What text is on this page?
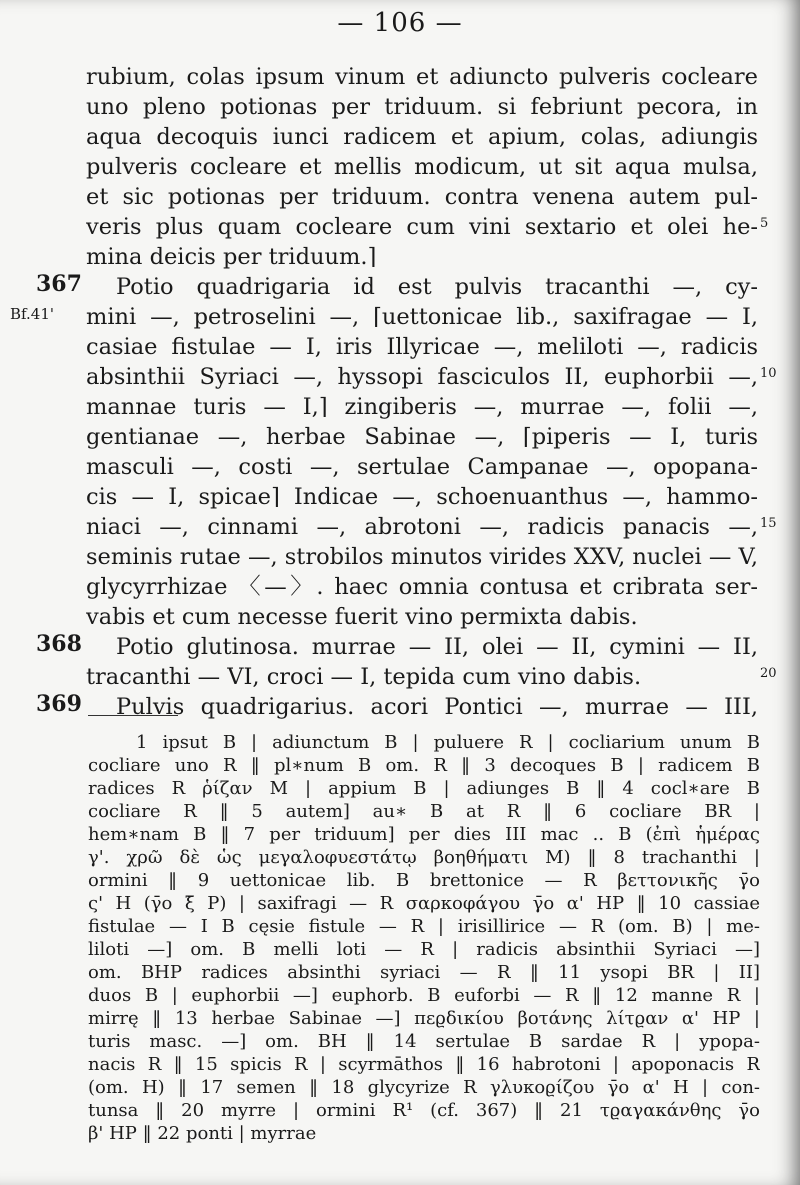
— 106 —
367
Bf.41'
368
369
5
10
15
20
rubium, colas ipsum vinum et adiuncto pulveris cocleare
uno pleno potionas per triduum. si febriunt pecora, in
aqua decoquis iunci radicem et apium, colas, adiungis
pulveris cocleare et mellis modicum, ut sit aqua mulsa,
et sic potionas per triduum. contra venena autem pul-
veris plus quam cocleare cum vini sextario et olei he-
mina deicis per triduum.⌉
Potio quadrigaria id est pulvis tracanthi —, cy-
mini —, petroselini —, ⌈uettonicae lib., saxifragae — I,
casiae fistulae — I, iris Illyricae —, meliloti —, radicis
absinthii Syriaci —, hyssopi fasciculos II, euphorbii —,
mannae turis — I,⌉ zingiberis —, murrae —, folii —,
gentianae —, herbae Sabinae —, ⌈piperis — I, turis
masculi —, costi —, sertulae Campanae —, opopana-
cis — I, spicae⌉ Indicae —, schoenuanthus —, hammo-
niaci —, cinnami —, abrotoni —, radicis panacis —,
seminis rutae —, strobilos minutos virides XXV, nuclei — V,
glycyrrhizae 〈—〉. haec omnia contusa et cribrata ser-
vabis et cum necesse fuerit vino permixta dabis.
Potio glutinosa. murrae — II, olei — II, cymini — II,
tracanthi — VI, croci — I, tepida cum vino dabis.
Pulvis quadrigarius. acori Pontici —, murrae — III,
1 ipsut B | adiunctum B | puluere R | cocliarium unum B
cocliare uno R ‖ pl∗num B om. R ‖ 3 decoques B | radicem B
radices R ῥίζαν M | appium B | adiunges B ‖ 4 cocl∗are B
cocliare R ‖ 5 autem] au∗ B at R ‖ 6 cocliare BR |
hem∗nam B ‖ 7 per triduum] per dies III mac .. B (ἐπὶ ἡμέρας
γ'. χρῶ δὲ ὡς μεγαλοφυεστάτῳ βοηθήματι M) ‖ 8 trachanthi |
ormini ‖ 9 uettonicae lib. B brettonice — R βεττονικῆς γ̄ο
ς' H (γ̄ο ξ̄ P) | saxifragi — R σαρκοφάγου γ̄ο α' HP ‖ 10 cassiae
fistulae — I B cęsie fistule — R | irisillirice — R (om. B) | me-
liloti —] om. B melli loti — R | radicis absinthii Syriaci —]
om. BHP radices absinthi syriaci — R ‖ 11 ysopi BR | II]
duos B | euphorbii —] euphorb. B euforbi — R ‖ 12 manne R |
mirrę ‖ 13 herbae Sabinae —] πεϱδικίου βοτάνης λίτϱαν α' HP |
turis masc. —] om. BH ‖ 14 sertulae B sardae R | ypopa-
nacis R ‖ 15 spicis R | scyrmāthos ‖ 16 habrotoni | apoponacis R
(om. H) ‖ 17 semen ‖ 18 glycyrize R γλυκοϱίζου γ̄ο α' H | con-
tunsa ‖ 20 myrre | ormini R¹ (cf. 367) ‖ 21 τϱαγακάνθης γ̄ο
β' HP ‖ 22 ponti | myrrae
